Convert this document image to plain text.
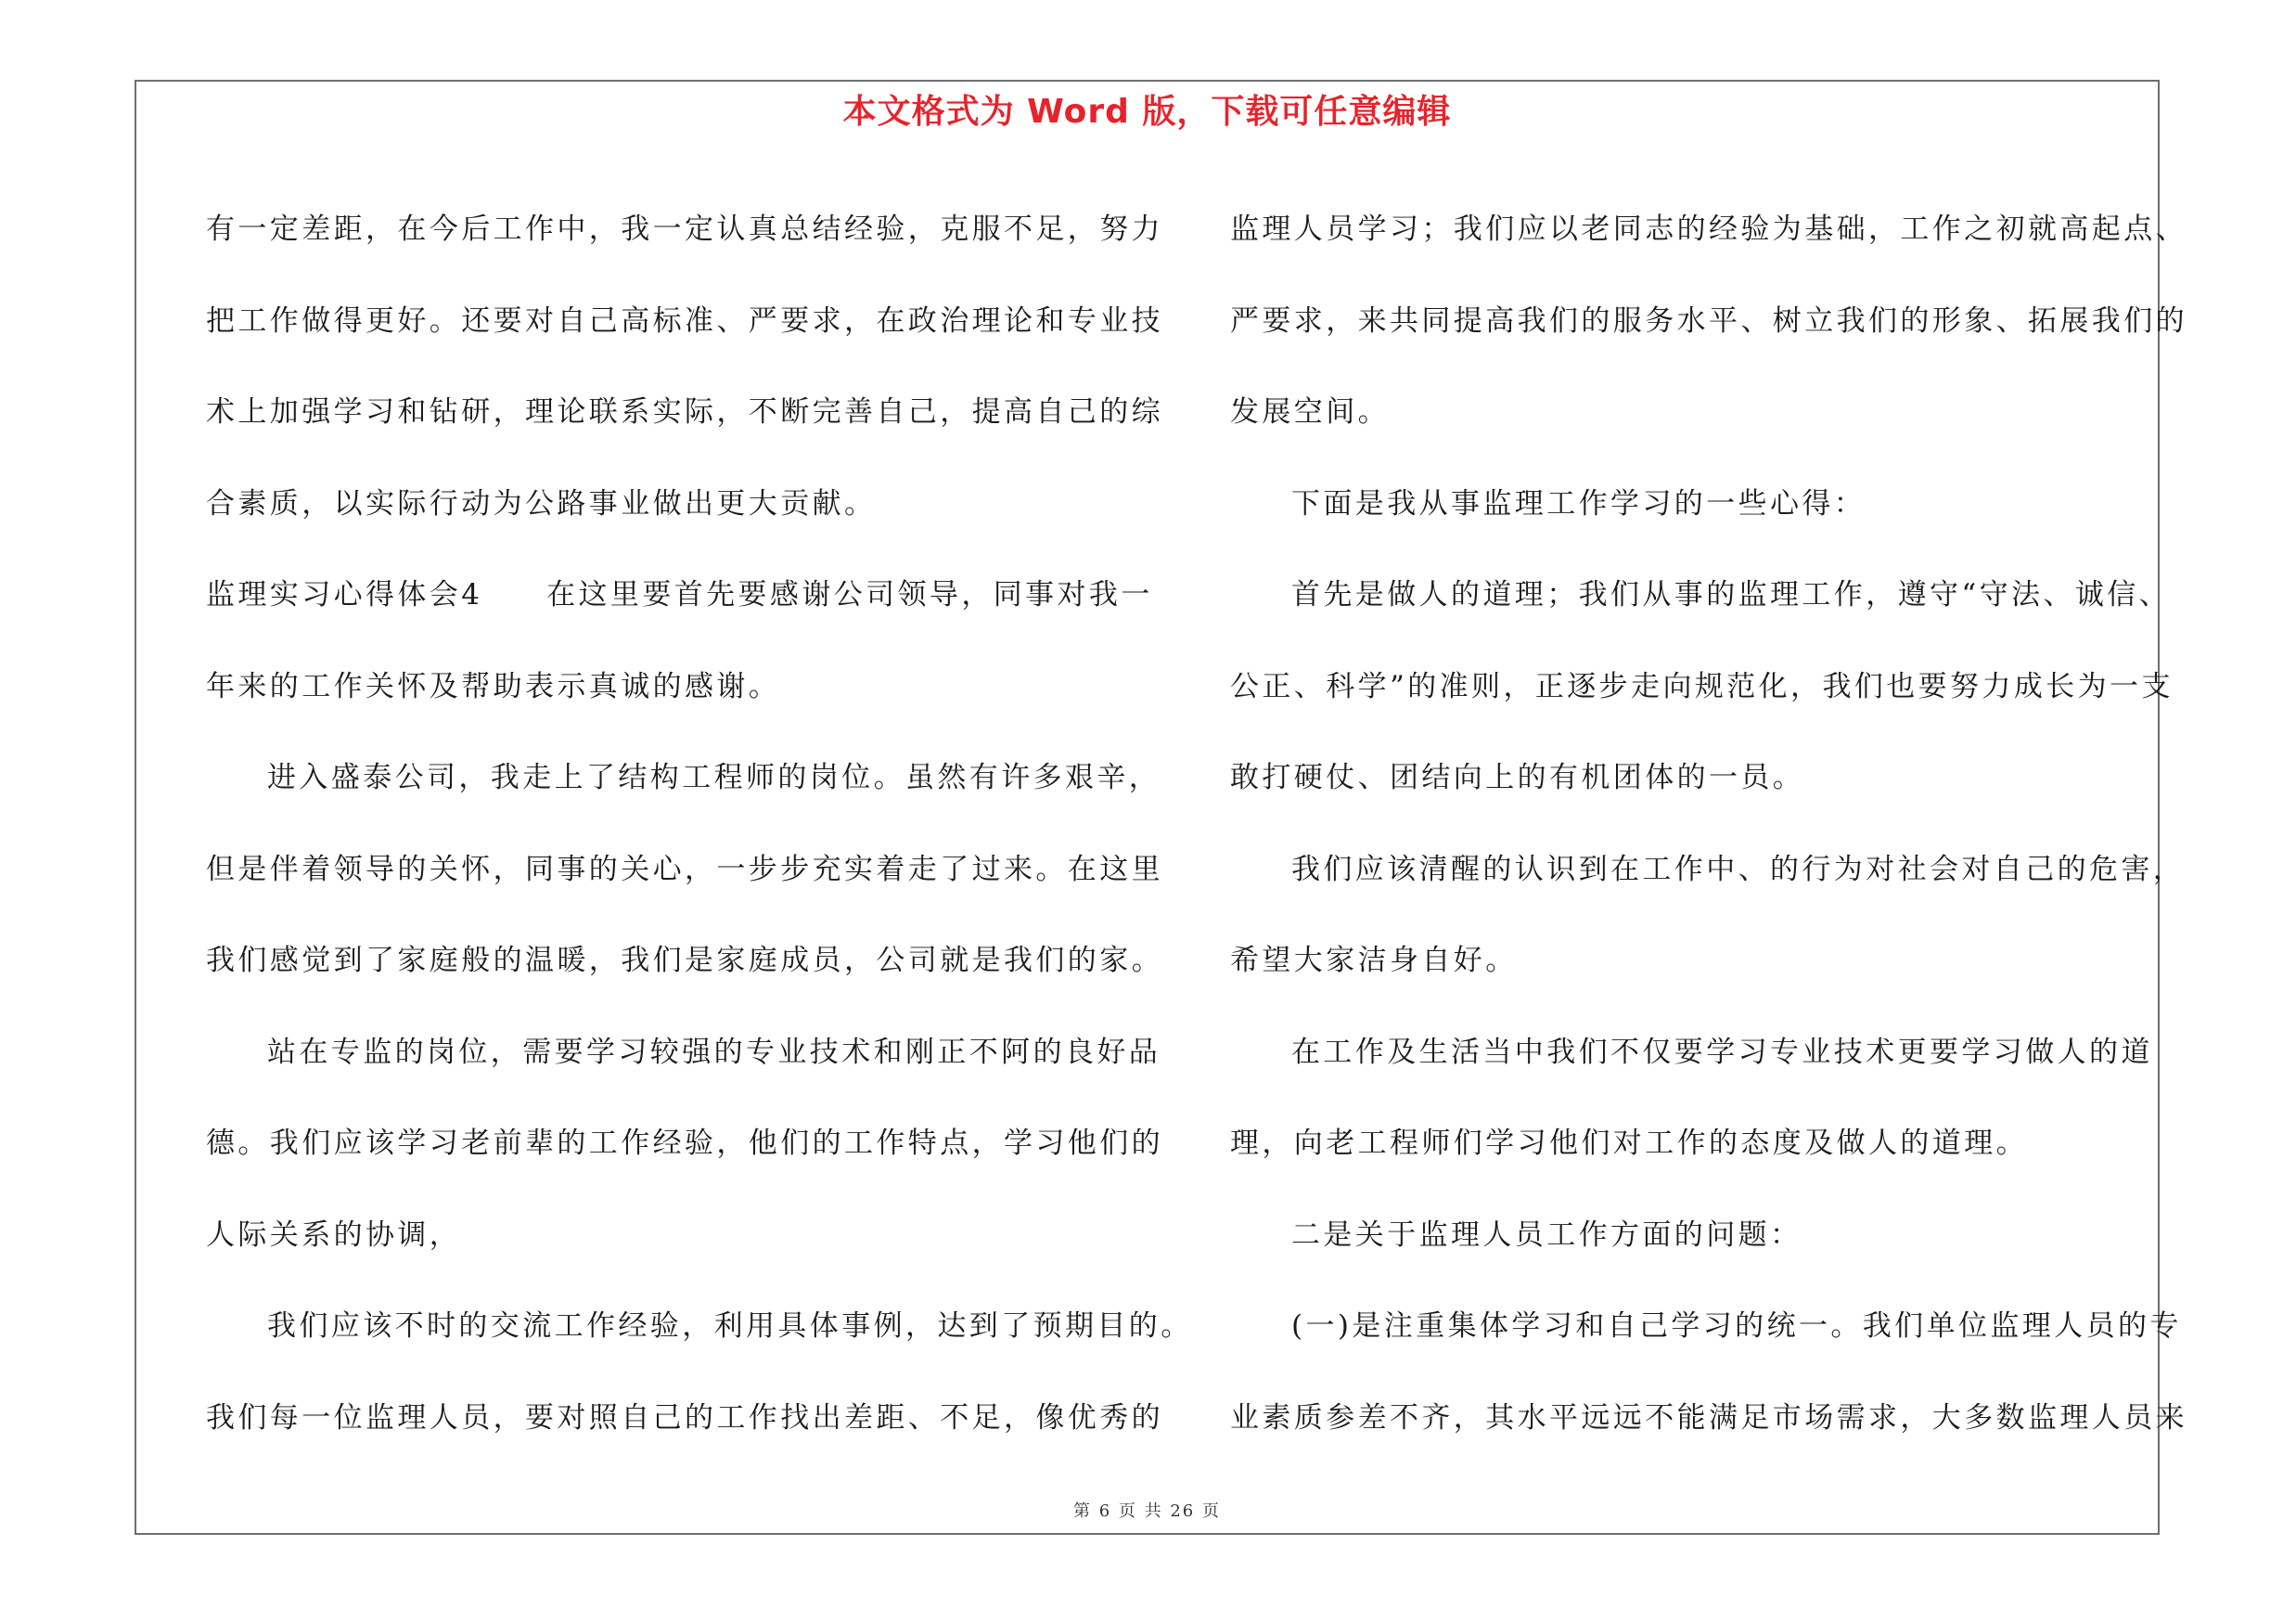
本文格式为 Word 版，下载可任意编辑

有一定差距，在今后工作中，我一定认真总结经验，克服不足，努力

把工作做得更好。还要对自己高标准、严要求，在政治理论和专业技

术上加强学习和钻研，理论联系实际，不断完善自己，提高自己的综

合素质，以实际行动为公路事业做出更大贡献。

监理实习心得体会4　　在这里要首先要感谢公司领导，同事对我一

年来的工作关怀及帮助表示真诚的感谢。

进入盛泰公司，我走上了结构工程师的岗位。虽然有许多艰辛，

但是伴着领导的关怀，同事的关心，一步步充实着走了过来。在这里

我们感觉到了家庭般的温暖，我们是家庭成员，公司就是我们的家。

站在专监的岗位，需要学习较强的专业技术和刚正不阿的良好品

德。我们应该学习老前辈的工作经验，他们的工作特点，学习他们的

人际关系的协调，

我们应该不时的交流工作经验，利用具体事例，达到了预期目的。

我们每一位监理人员，要对照自己的工作找出差距、不足，像优秀的

监理人员学习；我们应以老同志的经验为基础，工作之初就高起点、

严要求，来共同提高我们的服务水平、树立我们的形象、拓展我们的

发展空间。

下面是我从事监理工作学习的一些心得：

首先是做人的道理；我们从事的监理工作，遵守“守法、诚信、

公正、科学”的准则，正逐步走向规范化，我们也要努力成长为一支

敢打硬仗、团结向上的有机团体的一员。

我们应该清醒的认识到在工作中、的行为对社会对自己的危害，

希望大家洁身自好。

在工作及生活当中我们不仅要学习专业技术更要学习做人的道

理，向老工程师们学习他们对工作的态度及做人的道理。

二是关于监理人员工作方面的问题：

(一)是注重集体学习和自己学习的统一。我们单位监理人员的专

业素质参差不齐，其水平远远不能满足市场需求，大多数监理人员来

第 6 页 共 26 页
